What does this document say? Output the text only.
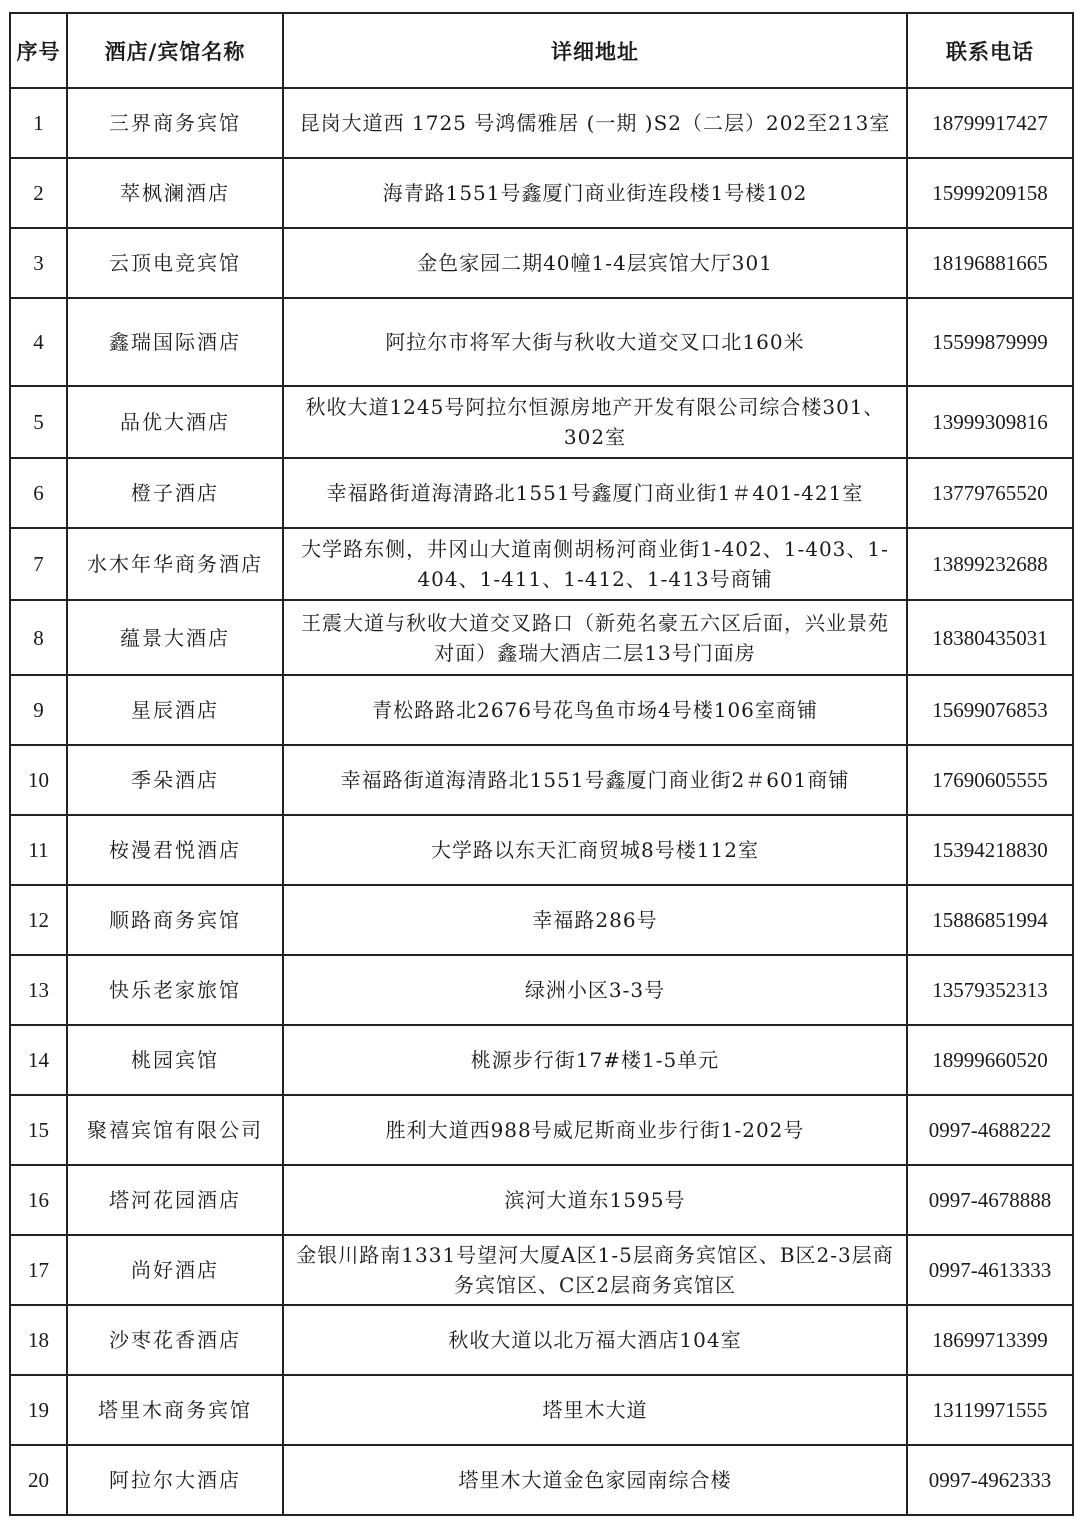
序号	酒店/宾馆名称	详细地址	联系电话
1	三界商务宾馆	昆岗大道西 1725 号鸿儒雅居 (一期 )S2（二层）202至213室	18799917427
2	萃枫澜酒店	海青路1551号鑫厦门商业街连段楼1号楼102	15999209158
3	云顶电竞宾馆	金色家园二期40幢1-4层宾馆大厅301	18196881665
4	鑫瑞国际酒店	阿拉尔市将军大街与秋收大道交叉口北160米	15599879999
5	品优大酒店	秋收大道1245号阿拉尔恒源房地产开发有限公司综合楼301、302室	13999309816
6	橙子酒店	幸福路街道海清路北1551号鑫厦门商业街1＃401-421室	13779765520
7	水木年华商务酒店	大学路东侧，井冈山大道南侧胡杨河商业街1-402、1-403、1-404、1-411、1-412、1-413号商铺	13899232688
8	蕴景大酒店	王震大道与秋收大道交叉路口（新苑名豪五六区后面，兴业景苑对面）鑫瑞大酒店二层13号门面房	18380435031
9	星辰酒店	青松路路北2676号花鸟鱼市场4号楼106室商铺	15699076853
10	季朵酒店	幸福路街道海清路北1551号鑫厦门商业街2＃601商铺	17690605555
11	桉漫君悦酒店	大学路以东天汇商贸城8号楼112室	15394218830
12	顺路商务宾馆	幸福路286号	15886851994
13	快乐老家旅馆	绿洲小区3-3号	13579352313
14	桃园宾馆	桃源步行街17#楼1-5单元	18999660520
15	聚禧宾馆有限公司	胜利大道西988号威尼斯商业步行街1-202号	0997-4688222
16	塔河花园酒店	滨河大道东1595号	0997-4678888
17	尚好酒店	金银川路南1331号望河大厦A区1-5层商务宾馆区、B区2-3层商务宾馆区、C区2层商务宾馆区	0997-4613333
18	沙枣花香酒店	秋收大道以北万福大酒店104室	18699713399
19	塔里木商务宾馆	塔里木大道	13119971555
20	阿拉尔大酒店	塔里木大道金色家园南综合楼	0997-4962333
